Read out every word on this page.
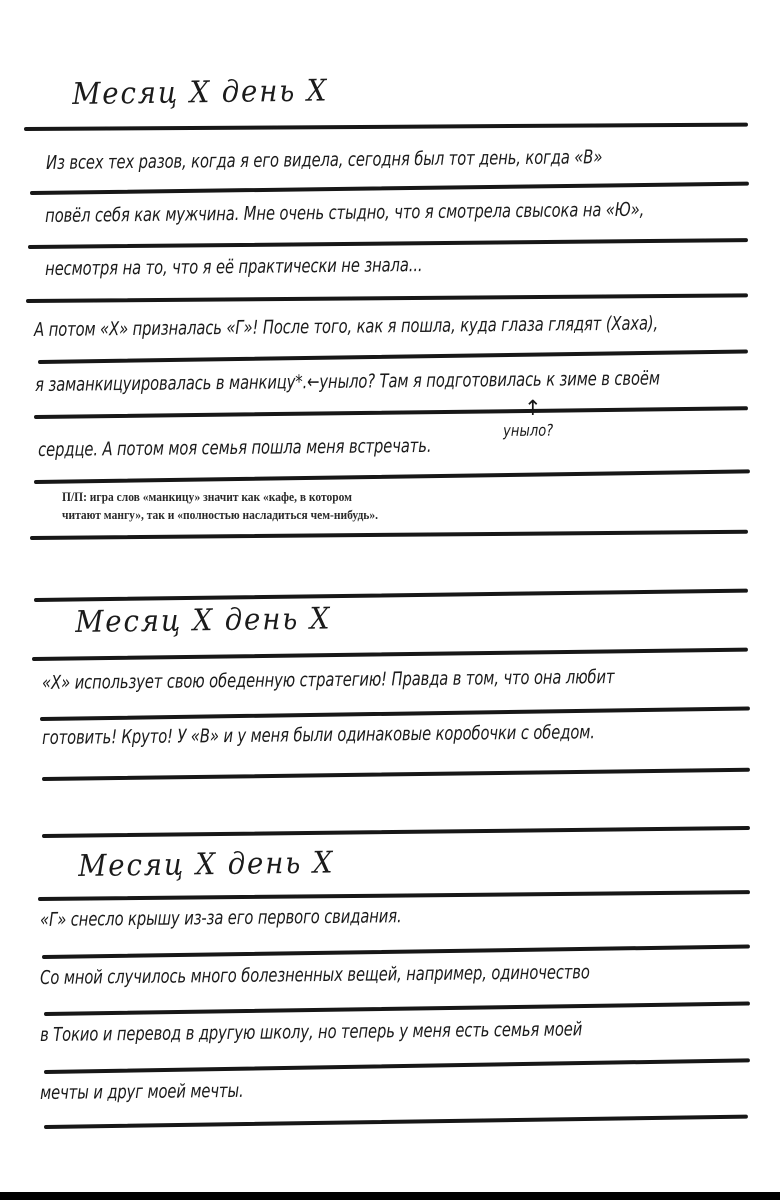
Месяц Х день Х
Из всех тех разов, когда я его видела, сегодня был тот день, когда «В»
повёл себя как мужчина. Мне очень стыдно, что я смотрела свысока на «Ю»,
несмотря на то, что я её практически не знала...
А потом «Х» призналась «Г»! После того, как я пошла, куда глаза глядят (Хаха),
я заманкицуировалась в манкицу*.←уныло? Там я подготовилась к зиме в своём
↑
уныло?
сердце. А потом моя семья пошла меня встречать.
П/П: игра слов «манкицу» значит как «кафе, в котором
читают мангу», так и «полностью насладиться чем-нибудь».
Месяц Х день Х
«Х» использует свою обеденную стратегию! Правда в том, что она любит
готовить! Круто! У «В» и у меня были одинаковые коробочки с обедом.
Месяц Х день Х
«Г» снесло крышу из-за его первого свидания.
Со мной случилось много болезненных вещей, например, одиночество
в Токио и перевод в другую школу, но теперь у меня есть семья моей
мечты и друг моей мечты.
